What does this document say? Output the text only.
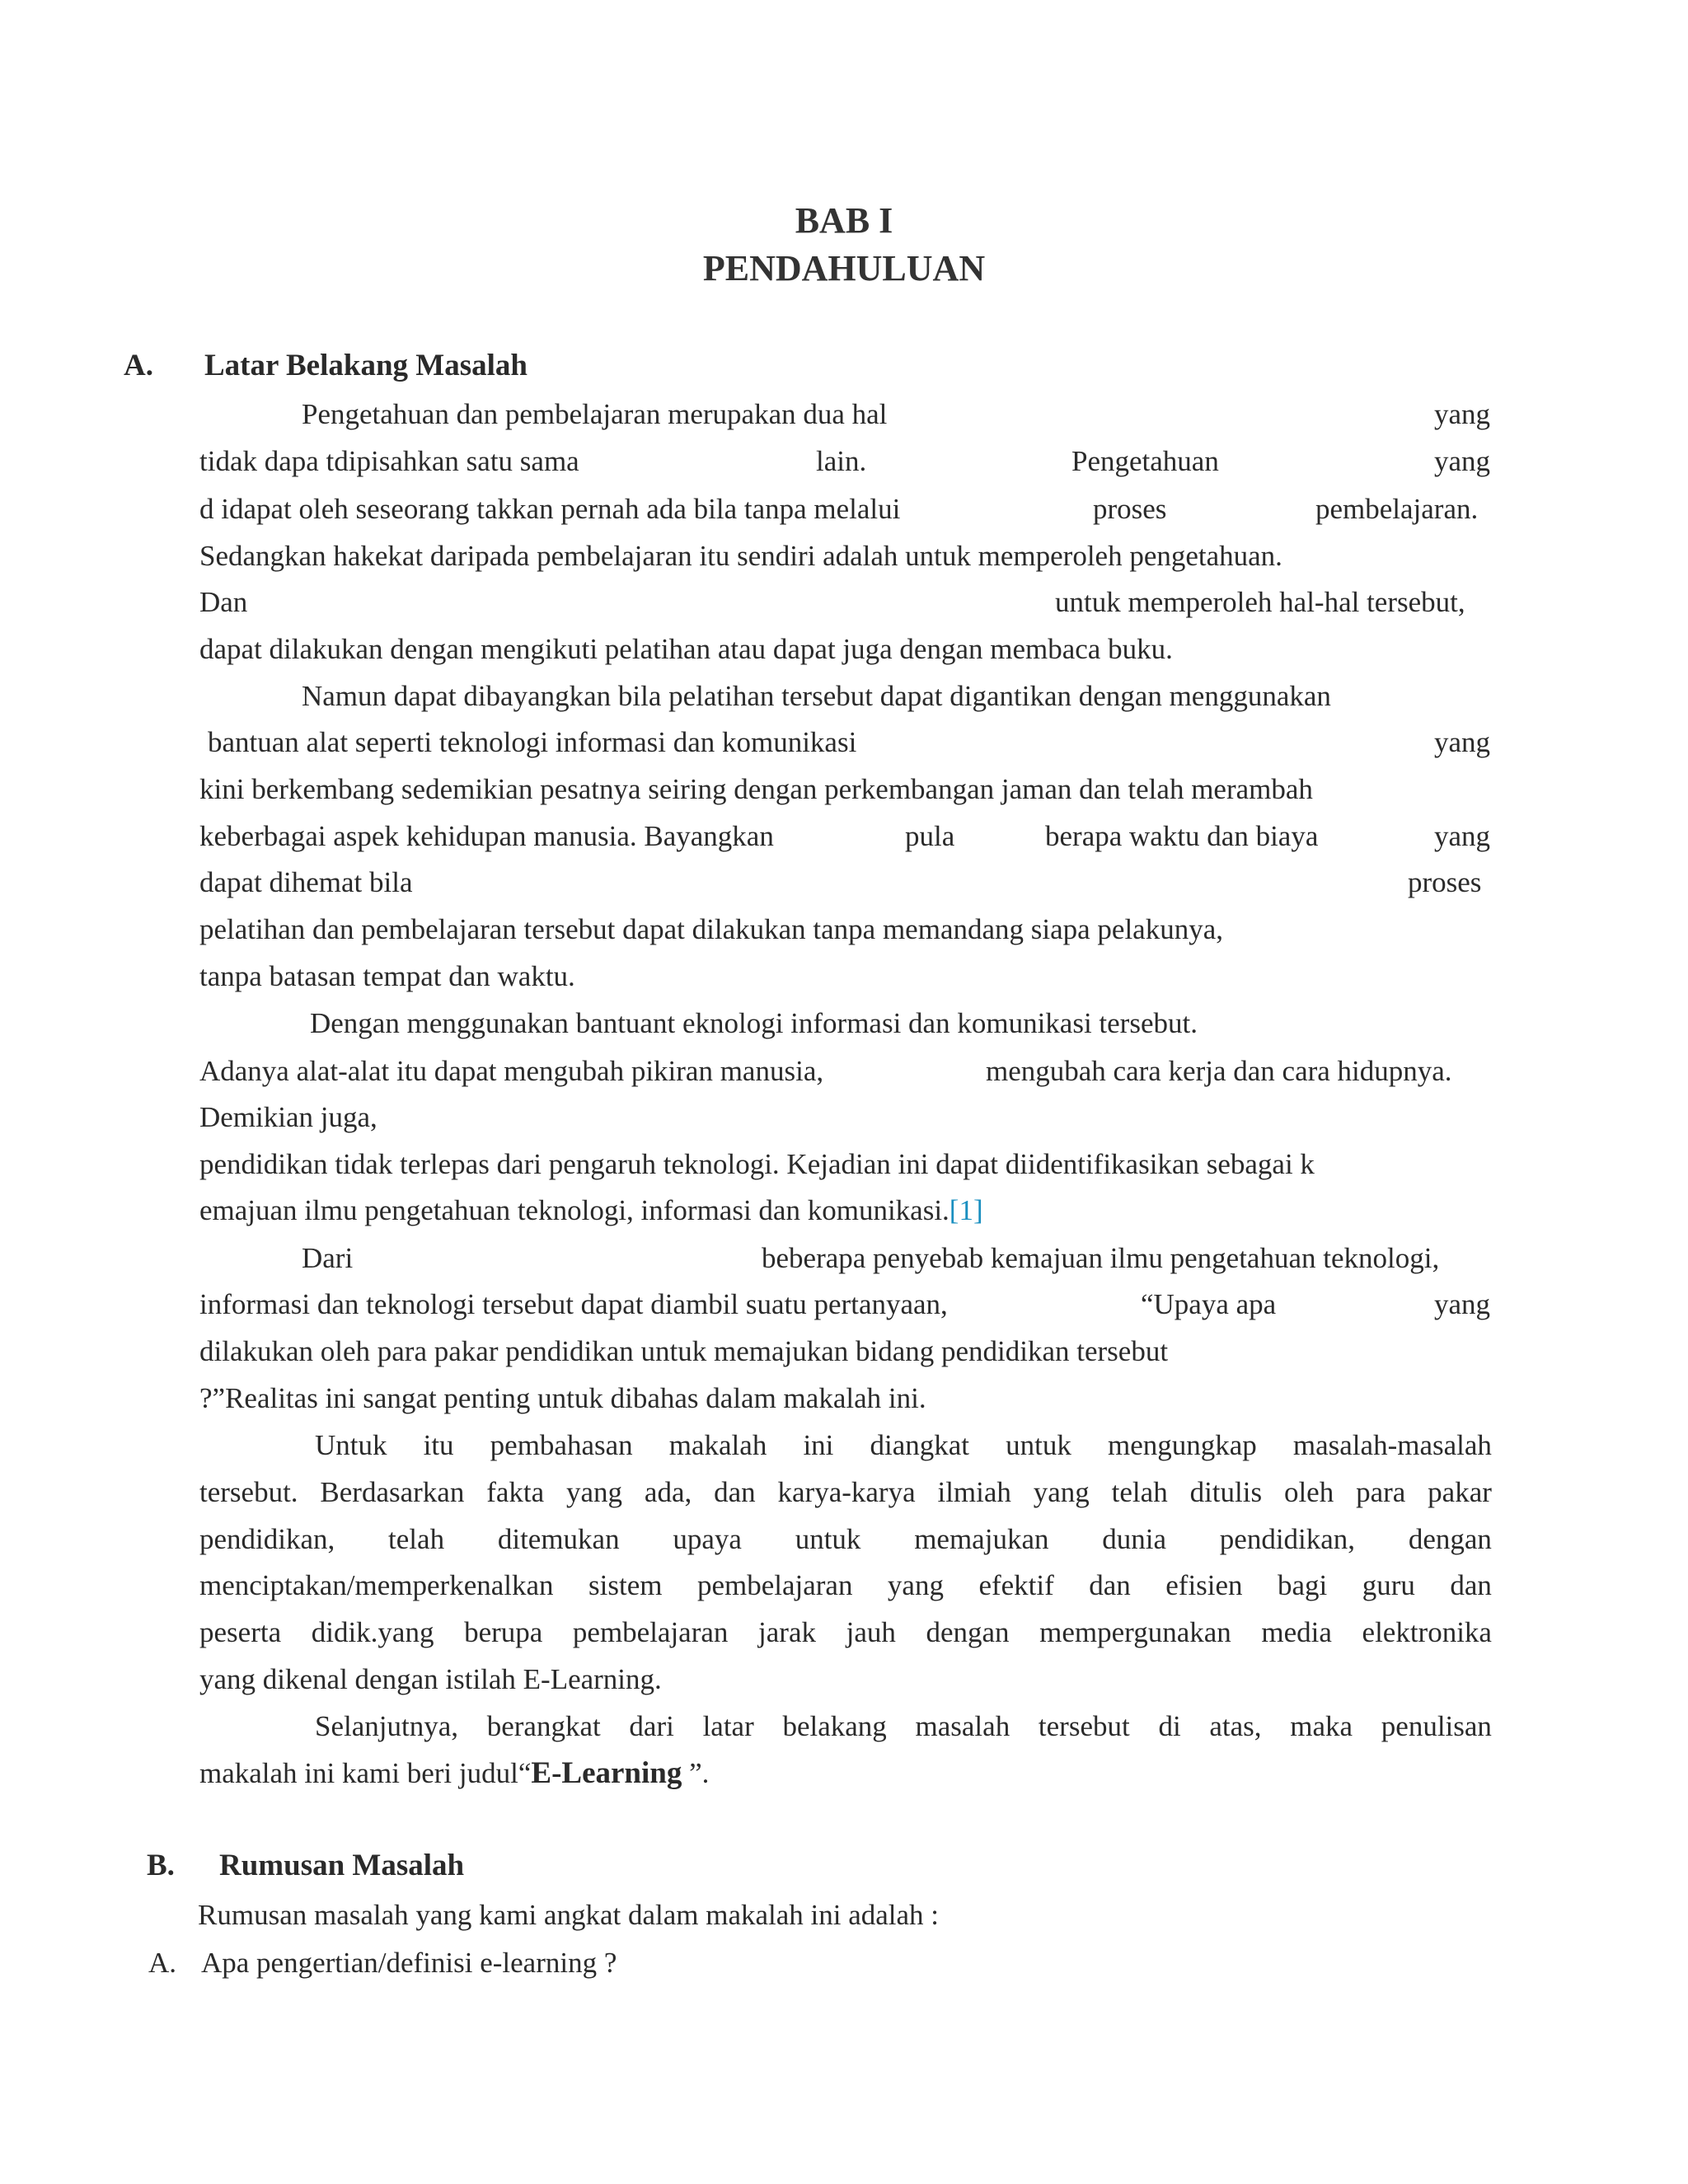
BAB I
PENDAHULUAN
A. Latar Belakang Masalah
Pengetahuan dan pembelajaran merupakan dua hal	yang
tidak dapa tdipisahkan satu sama	lain.	Pengetahuan	yang
d idapat oleh seseorang takkan pernah ada bila tanpa melalui	proses	pembelajaran.
Sedangkan hakekat daripada pembelajaran itu sendiri adalah untuk memperoleh pengetahuan.
Dan	untuk memperoleh hal-hal tersebut,
dapat dilakukan dengan mengikuti pelatihan atau dapat juga dengan membaca buku.
Namun dapat dibayangkan bila pelatihan tersebut dapat digantikan dengan menggunakan
bantuan alat seperti teknologi informasi dan komunikasi	yang
kini berkembang sedemikian pesatnya seiring dengan perkembangan jaman dan telah merambah
keberbagai aspek kehidupan manusia. Bayangkan	pula	berapa waktu dan biaya	yang
dapat dihemat bila	proses
pelatihan dan pembelajaran tersebut dapat dilakukan tanpa memandang siapa pelakunya,
tanpa batasan tempat dan waktu.
Dengan menggunakan bantuant eknologi informasi dan komunikasi tersebut.
Adanya alat-alat itu dapat mengubah pikiran manusia,	mengubah cara kerja dan cara hidupnya.
Demikian juga,
pendidikan tidak terlepas dari pengaruh teknologi. Kejadian ini dapat diidentifikasikan sebagai k
emajuan ilmu pengetahuan teknologi, informasi dan komunikasi.[1]
Dari	beberapa penyebab kemajuan ilmu pengetahuan teknologi,
informasi dan teknologi tersebut dapat diambil suatu pertanyaan,	“Upaya apa	yang
dilakukan oleh para pakar pendidikan untuk memajukan bidang pendidikan tersebut
?”Realitas ini sangat penting untuk dibahas dalam makalah ini.
Untuk itu pembahasan makalah ini diangkat untuk mengungkap masalah-masalah
tersebut. Berdasarkan fakta yang ada, dan karya-karya ilmiah yang telah ditulis oleh para pakar
pendidikan, telah ditemukan upaya untuk memajukan dunia pendidikan, dengan
menciptakan/memperkenalkan sistem pembelajaran yang efektif dan efisien bagi guru dan
peserta didik.yang berupa pembelajaran jarak jauh dengan mempergunakan media elektronika
yang dikenal dengan istilah E-Learning.
Selanjutnya, berangkat dari latar belakang masalah tersebut di atas, maka penulisan
makalah ini kami beri judul“E-Learning ”.
B. Rumusan Masalah
Rumusan masalah yang kami angkat dalam makalah ini adalah :
A. Apa pengertian/definisi e-learning ?
